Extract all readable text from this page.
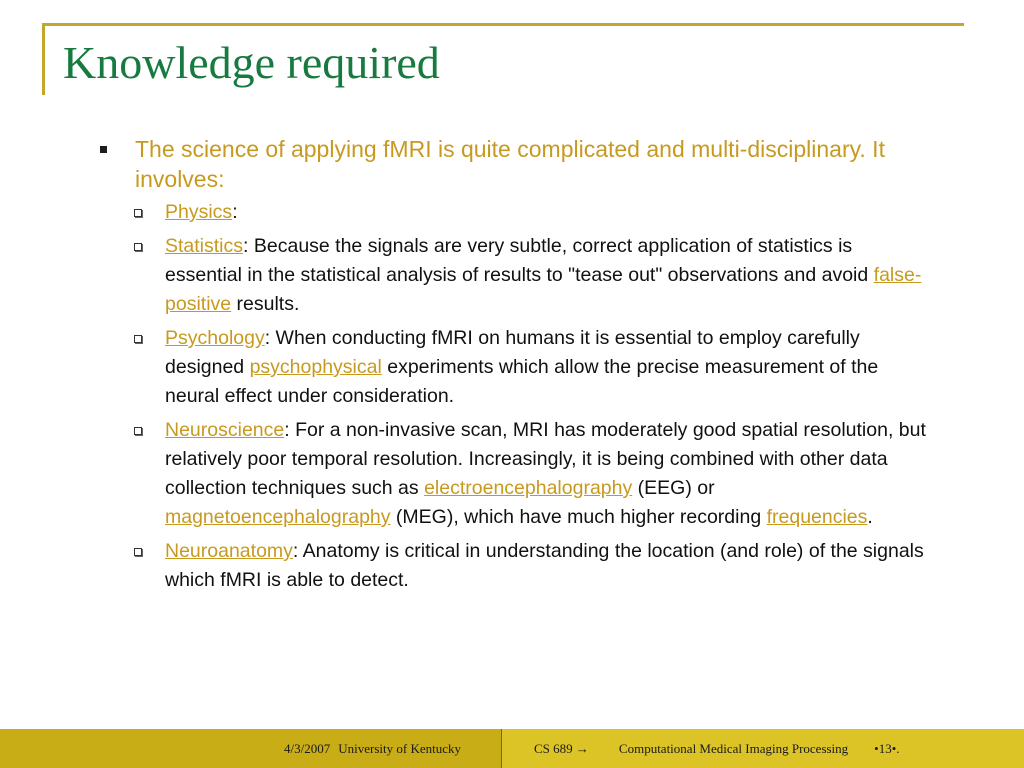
Knowledge required
The science of applying fMRI is quite complicated and multi-disciplinary. It involves:
Physics:
Statistics: Because the signals are very subtle, correct application of statistics is essential in the statistical analysis of results to "tease out" observations and avoid false-positive results.
Psychology: When conducting fMRI on humans it is essential to employ carefully designed psychophysical experiments which allow the precise measurement of the neural effect under consideration.
Neuroscience: For a non-invasive scan, MRI has moderately good spatial resolution, but relatively poor temporal resolution. Increasingly, it is being combined with other data collection techniques such as electroencephalography (EEG) or magnetoencephalography (MEG), which have much higher recording frequencies.
Neuroanatomy: Anatomy is critical in understanding the location (and role) of the signals which fMRI is able to detect.
4/3/2007 University of Kentucky	CS 689 → Computational Medical Imaging Processing •13•.
